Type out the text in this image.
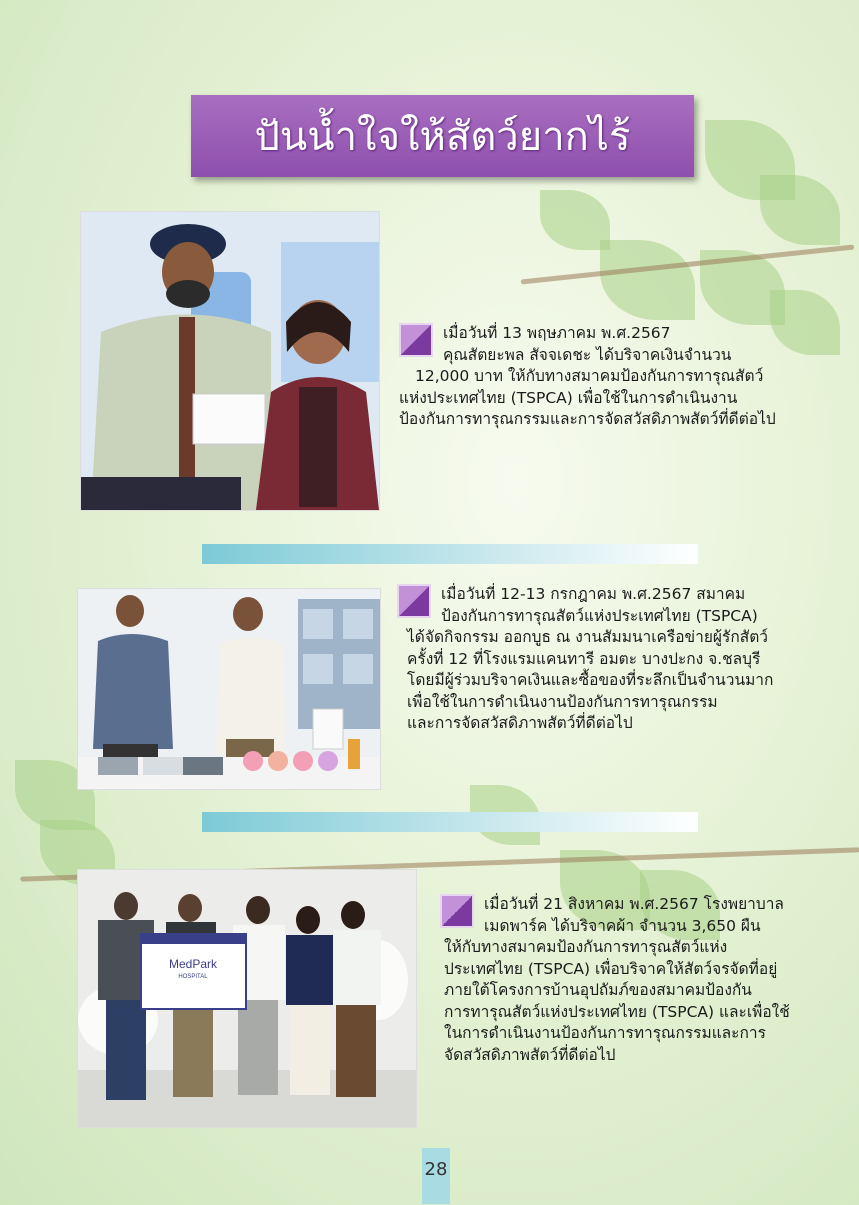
ปันน้ำใจให้สัตว์ยากไร้
เมื่อวันที่ 13 พฤษภาคม พ.ศ.2567
คุณสัตยะพล สัจจเดชะ ได้บริจาคเงินจำนวน
12,000 บาท ให้กับทางสมาคมป้องกันการทารุณสัตว์
แห่งประเทศไทย (TSPCA) เพื่อใช้ในการดำเนินงาน
ป้องกันการทารุณกรรมและการจัดสวัสดิภาพสัตว์ที่ดีต่อไป
เมื่อวันที่ 12-13 กรกฎาคม พ.ศ.2567 สมาคม
ป้องกันการทารุณสัตว์แห่งประเทศไทย (TSPCA)
ได้จัดกิจกรรม ออกบูธ ณ งานสัมมนาเครือข่ายผู้รักสัตว์
ครั้งที่ 12 ที่โรงแรมแคนทารี อมตะ บางปะกง จ.ชลบุรี
โดยมีผู้ร่วมบริจาคเงินและซื้อของที่ระลึกเป็นจำนวนมาก
เพื่อใช้ในการดำเนินงานป้องกันการทารุณกรรม
และการจัดสวัสดิภาพสัตว์ที่ดีต่อไป
MedPark
HOSPITAL
เมื่อวันที่ 21 สิงหาคม พ.ศ.2567 โรงพยาบาล
เมดพาร์ค ได้บริจาคผ้า จำนวน 3,650 ผืน
ให้กับทางสมาคมป้องกันการทารุณสัตว์แห่ง
ประเทศไทย (TSPCA) เพื่อบริจาคให้สัตว์จรจัดที่อยู่
ภายใต้โครงการบ้านอุปถัมภ์ของสมาคมป้องกัน
การทารุณสัตว์แห่งประเทศไทย (TSPCA) และเพื่อใช้
ในการดำเนินงานป้องกันการทารุณกรรมและการ
จัดสวัสดิภาพสัตว์ที่ดีต่อไป
28
